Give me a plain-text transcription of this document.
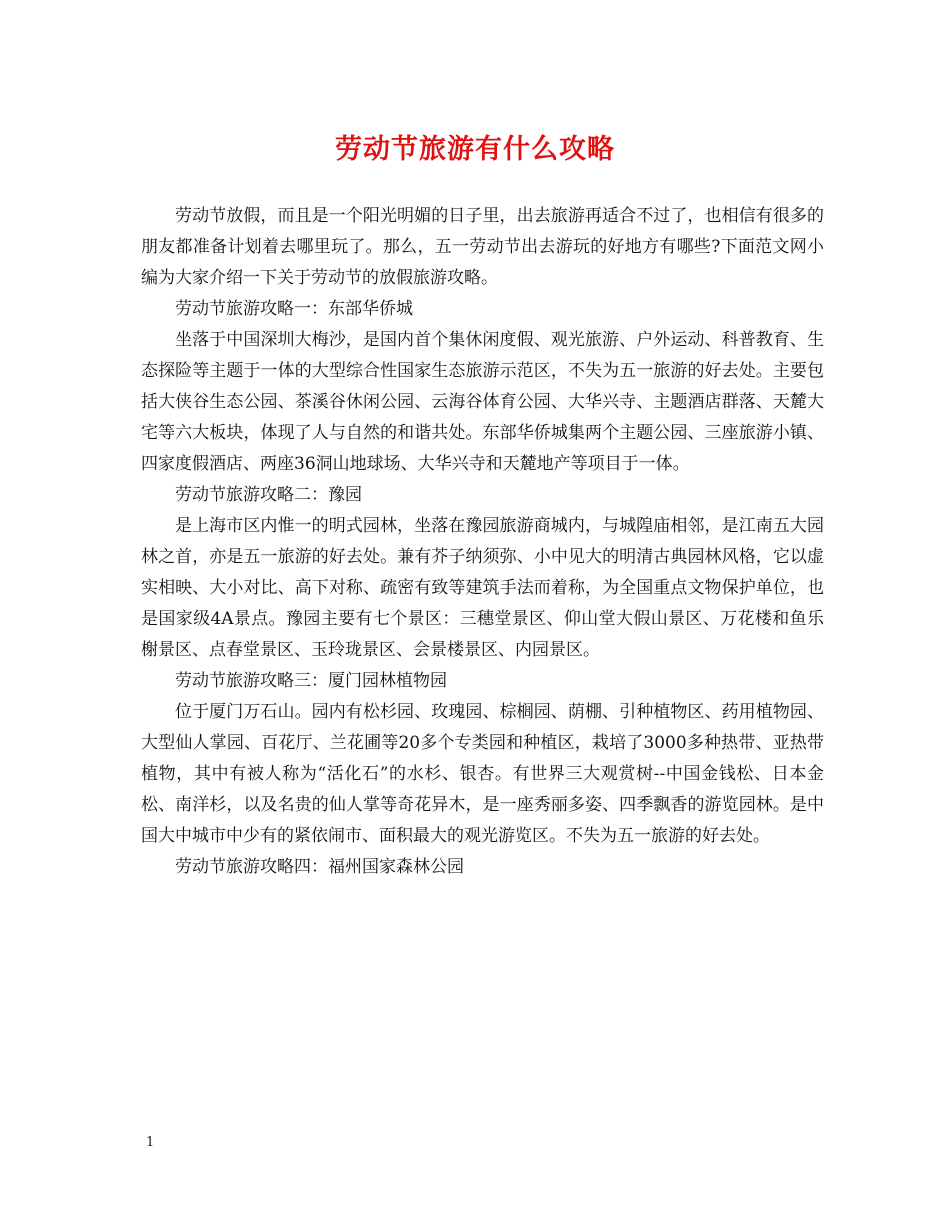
劳动节旅游有什么攻略

劳动节放假，而且是一个阳光明媚的日子里，出去旅游再适合不过了，也相信有很多的朋友都准备计划着去哪里玩了。那么，五一劳动节出去游玩的好地方有哪些?下面范文网小编为大家介绍一下关于劳动节的放假旅游攻略。

劳动节旅游攻略一：东部华侨城

坐落于中国深圳大梅沙，是国内首个集休闲度假、观光旅游、户外运动、科普教育、生态探险等主题于一体的大型综合性国家生态旅游示范区，不失为五一旅游的好去处。主要包括大侠谷生态公园、茶溪谷休闲公园、云海谷体育公园、大华兴寺、主题酒店群落、天麓大宅等六大板块，体现了人与自然的和谐共处。东部华侨城集两个主题公园、三座旅游小镇、四家度假酒店、两座36洞山地球场、大华兴寺和天麓地产等项目于一体。

劳动节旅游攻略二：豫园

是上海市区内惟一的明式园林，坐落在豫园旅游商城内，与城隍庙相邻，是江南五大园林之首，亦是五一旅游的好去处。兼有芥子纳须弥、小中见大的明清古典园林风格，它以虚实相映、大小对比、高下对称、疏密有致等建筑手法而着称，为全国重点文物保护单位，也是国家级4A景点。豫园主要有七个景区：三穗堂景区、仰山堂大假山景区、万花楼和鱼乐榭景区、点春堂景区、玉玲珑景区、会景楼景区、内园景区。

劳动节旅游攻略三：厦门园林植物园

位于厦门万石山。园内有松杉园、玫瑰园、棕榈园、荫棚、引种植物区、药用植物园、大型仙人掌园、百花厅、兰花圃等20多个专类园和种植区，栽培了3000多种热带、亚热带植物，其中有被人称为“活化石”的水杉、银杏。有世界三大观赏树--中国金钱松、日本金松、南洋杉，以及名贵的仙人掌等奇花异木，是一座秀丽多姿、四季飘香的游览园林。是中国大中城市中少有的紧依闹市、面积最大的观光游览区。不失为五一旅游的好去处。

劳动节旅游攻略四：福州国家森林公园

1
